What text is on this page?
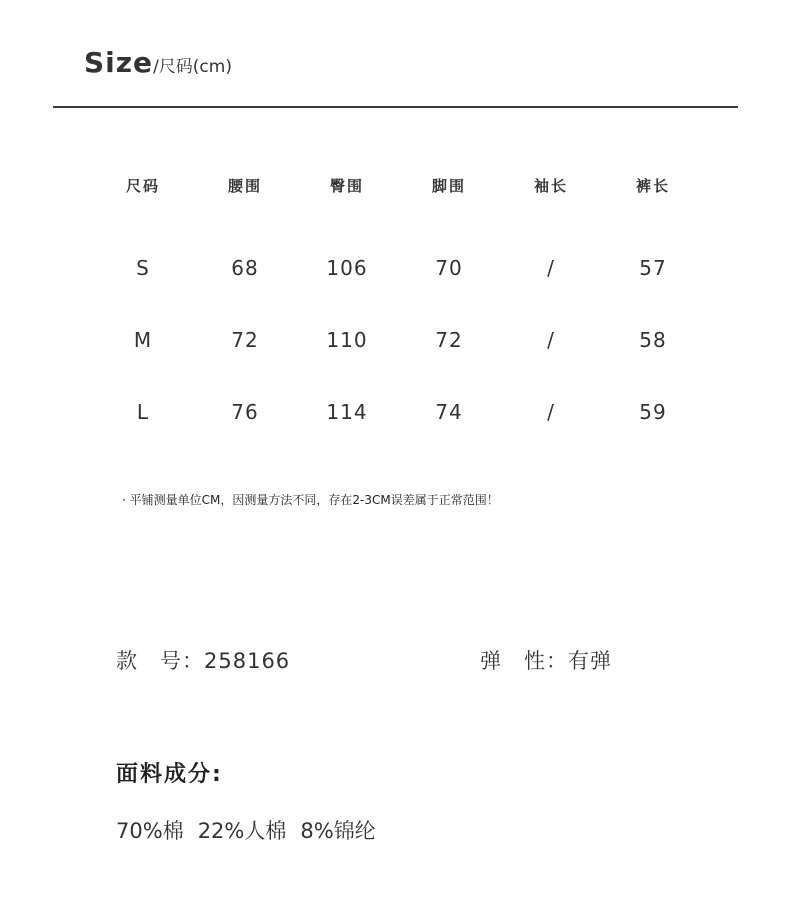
Size/尺码(cm)
尺码	腰围	臀围	脚围	袖长	裤长
S	68	106	70	/	57
M	72	110	72	/	58
L	76	114	74	/	59
· 平铺测量单位CM，因测量方法不同，存在2-3CM误差属于正常范围！
款　号：258166	弹　性：有弹
面料成分:
70%棉 22%人棉 8%锦纶
